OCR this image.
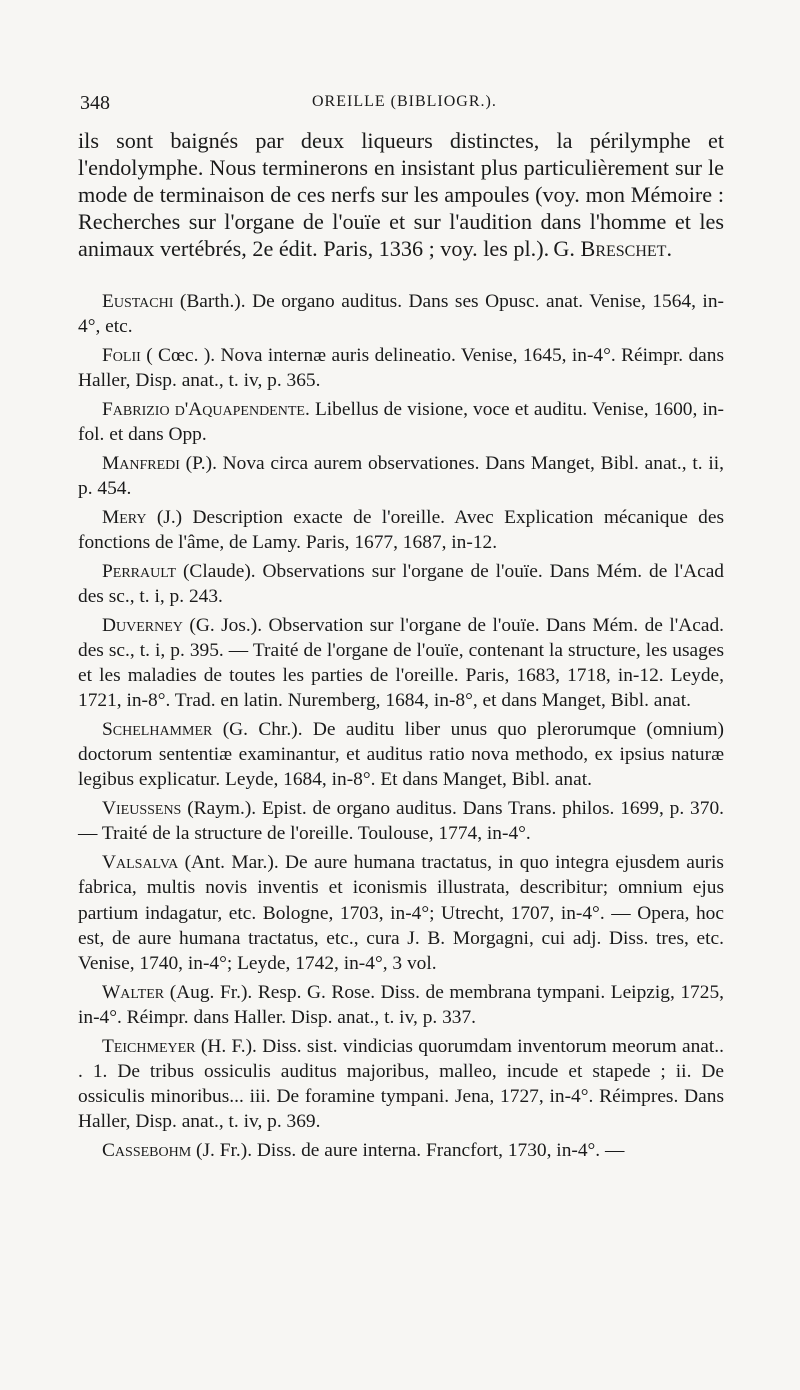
348	OREILLE (BIBLIOGR.).
ils sont baignés par deux liqueurs distinctes, la périlymphe et l'endolymphe. Nous terminerons en insistant plus particulièrement sur le mode de terminaison de ces nerfs sur les ampoules (voy. mon Mémoire : Recherches sur l'organe de l'ouïe et sur l'audition dans l'homme et les animaux vertébrés, 2e édit. Paris, 1336 ; voy. les pl.). G. Breschet.

Eustachi (Barth.). De organo auditus. Dans ses Opusc. anat. Venise, 1564, in-4°, etc.

Folii ( Cœc. ). Nova internæ auris delineatio. Venise, 1645, in-4°. Réimpr. dans Haller, Disp. anat., t. iv, p. 365.

Fabrizio d'Aquapendente. Libellus de visione, voce et auditu. Venise, 1600, in-fol. et dans Opp.

Manfredi (P.). Nova circa aurem observationes. Dans Manget, Bibl. anat., t. ii, p. 454.

Mery (J.) Description exacte de l'oreille. Avec Explication mécanique des fonctions de l'âme, de Lamy. Paris, 1677, 1687, in-12.

Perrault (Claude). Observations sur l'organe de l'ouïe. Dans Mém. de l'Acad des sc., t. i, p. 243.

Duverney (G. Jos.). Observation sur l'organe de l'ouïe. Dans Mém. de l'Acad. des sc., t. i, p. 395. — Traité de l'organe de l'ouïe, contenant la structure, les usages et les maladies de toutes les parties de l'oreille. Paris, 1683, 1718, in-12. Leyde, 1721, in-8°. Trad. en latin. Nuremberg, 1684, in-8°, et dans Manget, Bibl. anat.

Schelhammer (G. Chr.). De auditu liber unus quo plerorumque (omnium) doctorum sententiæ examinantur, et auditus ratio nova methodo, ex ipsius naturæ legibus explicatur. Leyde, 1684, in-8°. Et dans Manget, Bibl. anat.

Vieussens (Raym.). Epist. de organo auditus. Dans Trans. philos. 1699, p. 370. — Traité de la structure de l'oreille. Toulouse, 1774, in-4°.

Valsalva (Ant. Mar.). De aure humana tractatus, in quo integra ejusdem auris fabrica, multis novis inventis et iconismis illustrata, describitur; omnium ejus partium indagatur, etc. Bologne, 1703, in-4°; Utrecht, 1707, in-4°. — Opera, hoc est, de aure humana tractatus, etc., cura J. B. Morgagni, cui adj. Diss. tres, etc. Venise, 1740, in-4°; Leyde, 1742, in-4°, 3 vol.

Walter (Aug. Fr.). Resp. G. Rose. Diss. de membrana tympani. Leipzig, 1725, in-4°. Réimpr. dans Haller. Disp. anat., t. iv, p. 337.

Teichmeyer (H. F.). Diss. sist. vindicias quorumdam inventorum meorum anat.. . 1. De tribus ossiculis auditus majoribus, malleo, incude et stapede ; ii. De ossiculis minoribus... iii. De foramine tympani. Jena, 1727, in-4°. Réimpres. Dans Haller, Disp. anat., t. iv, p. 369.

Cassebohm (J. Fr.). Diss. de aure interna. Francfort, 1730, in-4°. —
